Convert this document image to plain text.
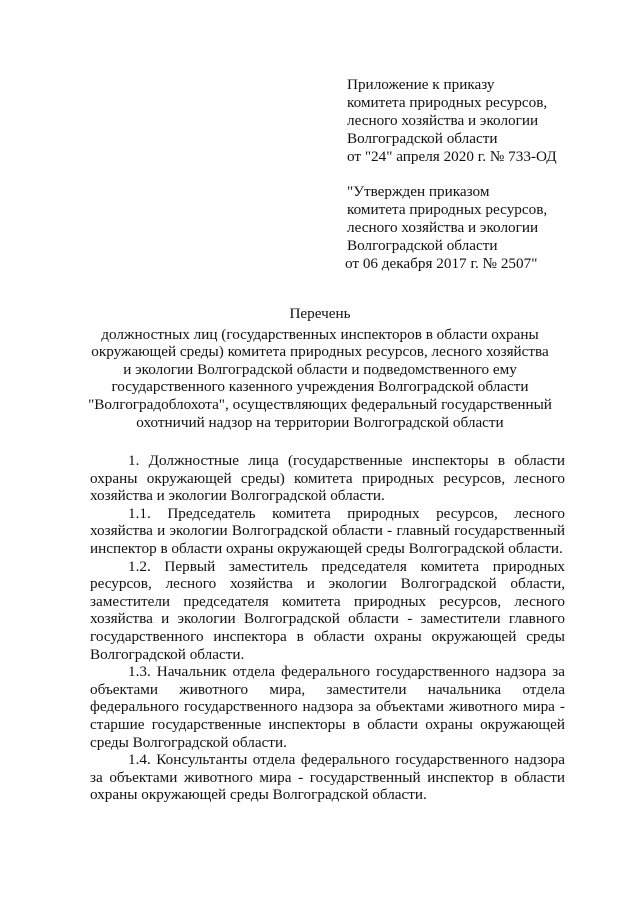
Приложение к приказу
комитета природных ресурсов,
лесного хозяйства и экологии
Волгоградской области
от "24" апреля 2020 г. № 733-ОД
"Утвержден приказом
комитета природных ресурсов,
лесного хозяйства и экологии
Волгоградской области
от 06 декабря 2017 г. № 2507"
Перечень
должностных лиц (государственных инспекторов в области охраны
окружающей среды) комитета природных ресурсов, лесного хозяйства
и экологии Волгоградской области и подведомственного ему
государственного казенного учреждения Волгоградской области
"Волгоградоблохота", осуществляющих федеральный государственный
охотничий надзор на территории Волгоградской области

1. Должностные лица (государственные инспекторы в области охраны окружающей среды) комитета природных ресурсов, лесного хозяйства и экологии Волгоградской области.

1.1. Председатель комитета природных ресурсов, лесного хозяйства и экологии Волгоградской области - главный государственный инспектор в области охраны окружающей среды Волгоградской области.

1.2. Первый заместитель председателя комитета природных ресурсов, лесного хозяйства и экологии Волгоградской области, заместители председателя комитета природных ресурсов, лесного хозяйства и экологии Волгоградской области - заместители главного государственного инспектора в области охраны окружающей среды Волгоградской области.

1.3. Начальник отдела федерального государственного надзора за объектами животного мира, заместители начальника отдела федерального государственного надзора за объектами животного мира - старшие государственные инспекторы в области охраны окружающей среды Волгоградской области.

1.4. Консультанты отдела федерального государственного надзора за объектами животного мира - государственный инспектор в области охраны окружающей среды Волгоградской области.
